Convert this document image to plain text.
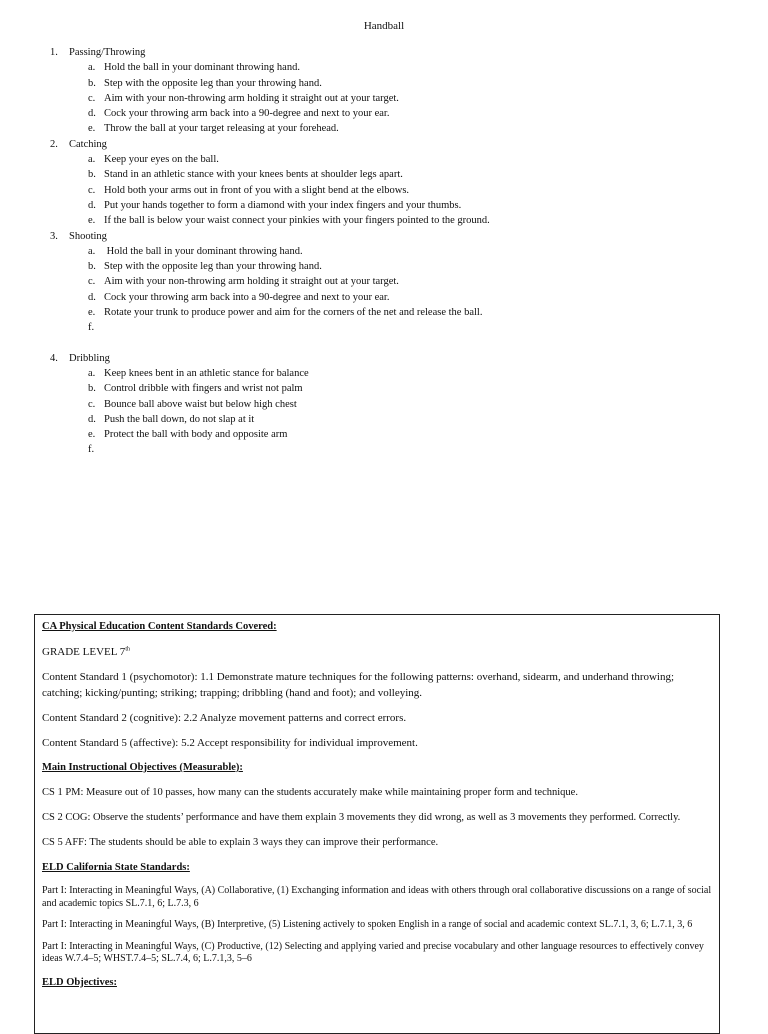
Handball
1.	Passing/Throwing
a. Hold the ball in your dominant throwing hand.
b. Step with the opposite leg than your throwing hand.
c. Aim with your non-throwing arm holding it straight out at your target.
d. Cock your throwing arm back into a 90-degree and next to your ear.
e. Throw the ball at your target releasing at your forehead.
2.	Catching
a. Keep your eyes on the ball.
b. Stand in an athletic stance with your knees bents at shoulder legs apart.
c. Hold both your arms out in front of you with a slight bend at the elbows.
d. Put your hands together to form a diamond with your index fingers and your thumbs.
e. If the ball is below your waist connect your pinkies with your fingers pointed to the ground.
3.	Shooting
a. Hold the ball in your dominant throwing hand.
b. Step with the opposite leg than your throwing hand.
c. Aim with your non-throwing arm holding it straight out at your target.
d. Cock your throwing arm back into a 90-degree and next to your ear.
e. Rotate your trunk to produce power and aim for the corners of the net and release the ball.
f.
4.	Dribbling
a. Keep knees bent in an athletic stance for balance
b. Control dribble with fingers and wrist not palm
c. Bounce ball above waist but below high chest
d. Push the ball down, do not slap at it
e. Protect the ball with body and opposite arm
f.

CA Physical Education Content Standards Covered:

GRADE LEVEL 7th

Content Standard 1 (psychomotor): 1.1 Demonstrate mature techniques for the following patterns: overhand, sidearm, and underhand throwing; catching; kicking/punting; striking; trapping; dribbling (hand and foot); and volleying.

Content Standard 2 (cognitive): 2.2 Analyze movement patterns and correct errors.

Content Standard 5 (affective): 5.2 Accept responsibility for individual improvement.

Main Instructional Objectives (Measurable):

CS 1 PM: Measure out of 10 passes, how many can the students accurately make while maintaining proper form and technique.

CS 2 COG: Observe the students’ performance and have them explain 3 movements they did wrong, as well as 3 movements they performed. Correctly.

CS 5 AFF: The students should be able to explain 3 ways they can improve their performance.

ELD California State Standards:

Part I: Interacting in Meaningful Ways, (A) Collaborative, (1) Exchanging information and ideas with others through oral collaborative discussions on a range of social and academic topics SL.7.1, 6; L.7.3, 6

Part I: Interacting in Meaningful Ways, (B) Interpretive, (5) Listening actively to spoken English in a range of social and academic context SL.7.1, 3, 6; L.7.1, 3, 6

Part I: Interacting in Meaningful Ways, (C) Productive, (12) Selecting and applying varied and precise vocabulary and other language resources to effectively convey ideas W.7.4–5; WHST.7.4–5; SL.7.4, 6; L.7.1,3, 5–6

ELD Objectives:
